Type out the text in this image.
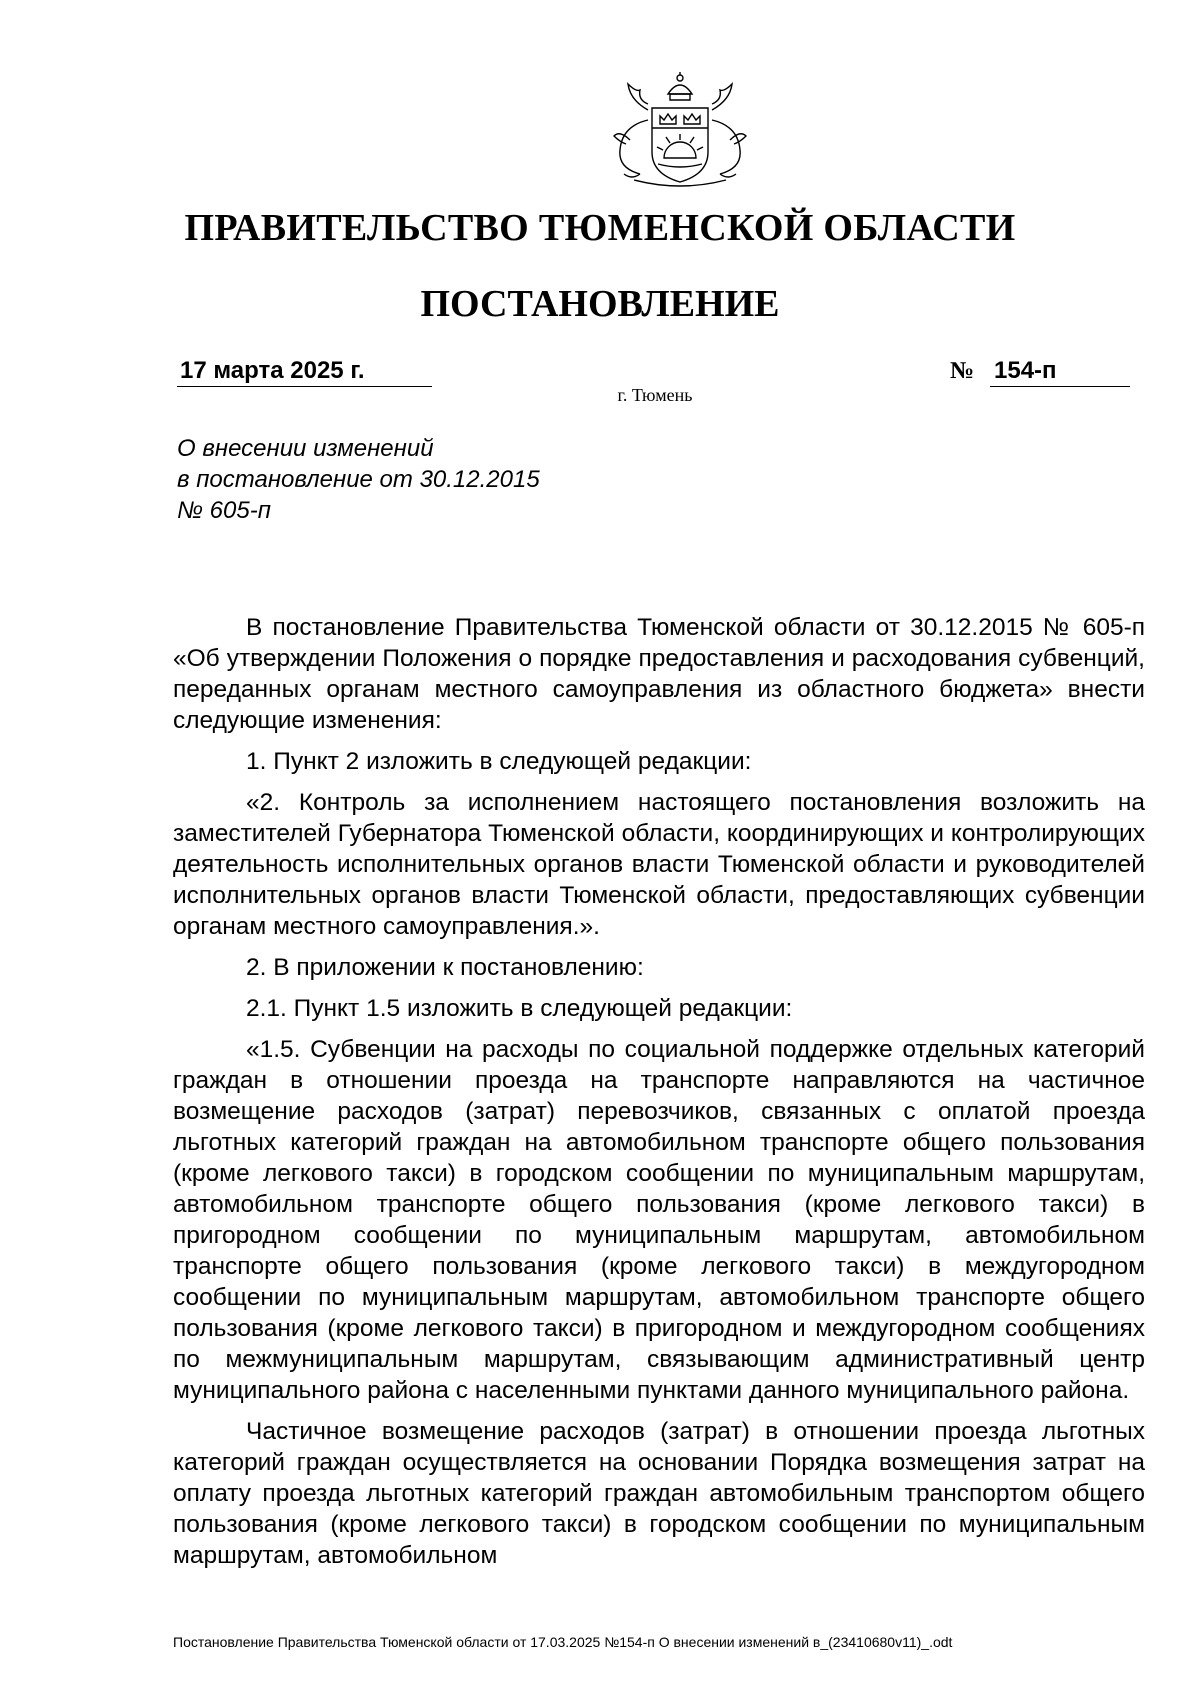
ПРАВИТЕЛЬСТВО ТЮМЕНСКОЙ ОБЛАСТИ
ПОСТАНОВЛЕНИЕ
17 марта 2025 г.	№ 154-п
г. Тюмень
О внесении изменений
в постановление от 30.12.2015
№ 605-п

В постановление Правительства Тюменской области от 30.12.2015 № 605-п «Об утверждении Положения о порядке предоставления и расходования субвенций, переданных органам местного самоуправления из областного бюджета» внести следующие изменения:

1. Пункт 2 изложить в следующей редакции:

«2. Контроль за исполнением настоящего постановления возложить на заместителей Губернатора Тюменской области, координирующих и контролирующих деятельность исполнительных органов власти Тюменской области и руководителей исполнительных органов власти Тюменской области, предоставляющих субвенции органам местного самоуправления.».

2. В приложении к постановлению:

2.1. Пункт 1.5 изложить в следующей редакции:

«1.5. Субвенции на расходы по социальной поддержке отдельных категорий граждан в отношении проезда на транспорте направляются на частичное возмещение расходов (затрат) перевозчиков, связанных с оплатой проезда льготных категорий граждан на автомобильном транспорте общего пользования (кроме легкового такси) в городском сообщении по муниципальным маршрутам, автомобильном транспорте общего пользования (кроме легкового такси) в пригородном сообщении по муниципальным маршрутам, автомобильном транспорте общего пользования (кроме легкового такси) в междугородном сообщении по муниципальным маршрутам, автомобильном транспорте общего пользования (кроме легкового такси) в пригородном и междугородном сообщениях по межмуниципальным маршрутам, связывающим административный центр муниципального района с населенными пунктами данного муниципального района.

Частичное возмещение расходов (затрат) в отношении проезда льготных категорий граждан осуществляется на основании Порядка возмещения затрат на оплату проезда льготных категорий граждан автомобильным транспортом общего пользования (кроме легкового такси) в городском сообщении по муниципальным маршрутам, автомобильном

Постановление Правительства Тюменской области от 17.03.2025 №154-п О внесении изменений в_(23410680v11)_.odt
